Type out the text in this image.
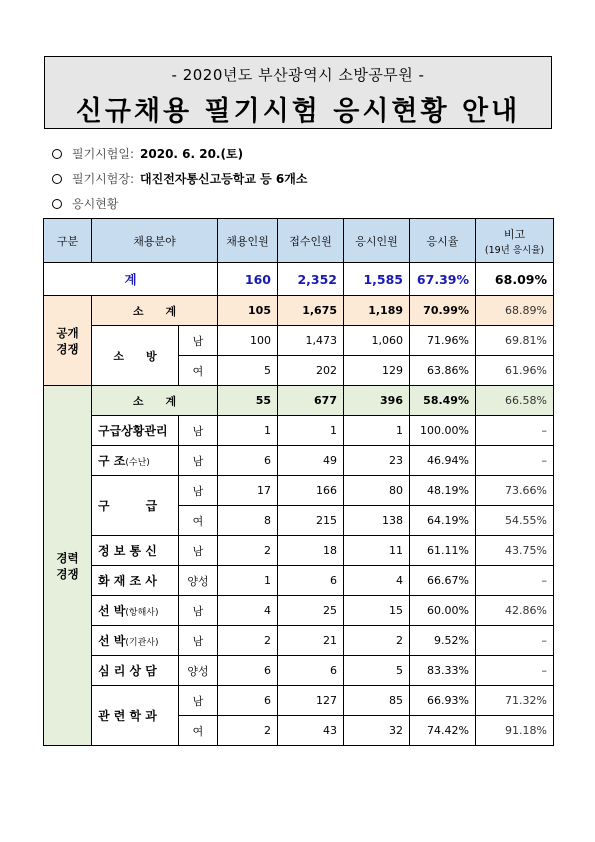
- 2020년도 부산광역시 소방공무원 -
신규채용 필기시험 응시현황 안내
필기시험일: 2020. 6. 20.(토)
필기시험장: 대진전자통신고등학교 등 6개소
응시현황
구분	채용분야		채용인원	접수인원	응시인원	응시율	비고
(19년 응시율)

계			160	2,352	1,585	67.39%	68.09%
공개
경쟁	소　　계		105	1,675	1,189	70.99%	68.89%
	소　　방	남	100	1,473	1,060	71.96%	69.81%
		여	5	202	129	63.86%	61.96%
경력
경쟁	소　　계		55	677	396	58.49%	66.58%
	구급상황관리	남	1	1	1	100.00%	–
	구 조(수난)	남	6	49	23	46.94%	–
	구　　　급	남	17	166	80	48.19%	73.66%
		여	8	215	138	64.19%	54.55%
	정 보 통 신	남	2	18	11	61.11%	43.75%
	화 재 조 사	양성	1	6	4	66.67%	–
	선 박(항해사)	남	4	25	15	60.00%	42.86%
	선 박(기관사)	남	2	21	2	9.52%	–
	심 리 상 담	양성	6	6	5	83.33%	–
	관 련 학 과	남	6	127	85	66.93%	71.32%
		여	2	43	32	74.42%	91.18%
